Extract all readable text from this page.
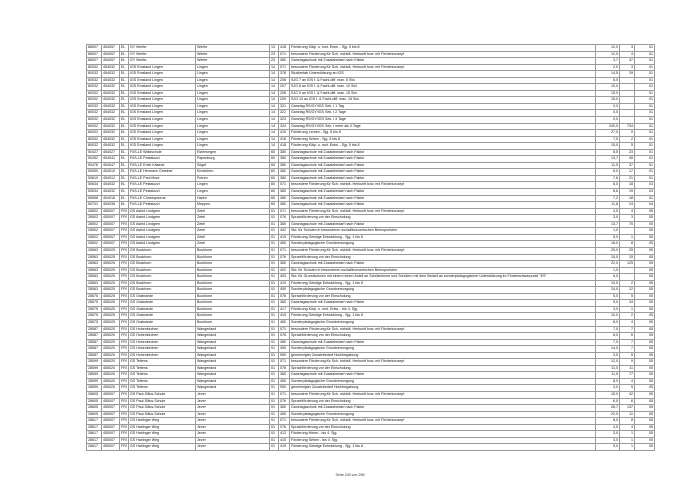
68007	454057	EL	GY Werlte	Werlte	13	418	Förderung Kläp. u. mot. Entw. - Sjg. 5 bis 8	12,0	3	01
68007	454057	EL	GY Werlte	Werlte	23	071	besondere Förderung für Sch. nichtdt. Herkunft bzw. mit Förderkonzept	12,0	4	01
68007	454057	EL	GY Werlte	Werlte	23	380	Ganztagsschule mit Zusatzbedarf nach Faktor	3,7	47	01
80032	454032	EL	IGS Emsland Lingen	Lingen	14	071	besondere Förderung für Sch. nichtdt. Herkunft bzw. mit Förderkonzept	2,0	3	01
80032	454032	EL	IGS Emsland Lingen	Lingen	14	378	Studientab Unterstützung an IGS	14,5	29	01
80032	454032	EL	IGS Emsland Lingen	Lingen	14	206	SJG 7 an IGS f. & Fachl-diff. max. 6 Std.	6,0		01
80032	454032	EL	IGS Emsland Lingen	Lingen	14	207	SJG 8 an IGS f. & Fachl-diff. max. 10 Std.	10,0		01
80032	454032	EL	IGS Emsland Lingen	Lingen	14	208	SJG 9 an IGS f. & Fachl-diff. max. 15 Std.	15,0		01
80032	454032	EL	IGS Emsland Lingen	Lingen	14	209	SJG 10 an IGS f. & Fachl-diff. max. 15 Std.	15,0		01
80032	454032	EL	IGS Emsland Lingen	Lingen	14	321	Ganztag RS/GY/IGS Sek. I 1 Tag	0,0		01
80032	454032	EL	IGS Emsland Lingen	Lingen	14	322	Ganztag RS/GY/IGS Sek. I 2 Tage	0,0		01
80032	454032	EL	IGS Emsland Lingen	Lingen	14	323	Ganztag RS/GY/IGS Sek. I 3 Tage	0,0		01
80032	454032	EL	IGS Emsland Lingen	Lingen	14	324	Ganztag RS/GY/IGS Sek. I mehr als 3 Tage	240,0	734	01
80032	454032	EL	IGS Emsland Lingen	Lingen	14	410	Förderung Lernen - Sjg. 5 bis 8	27,0	9	01
80032	454032	EL	IGS Emsland Lingen	Lingen	14	416	Förderung Sehen - Sjg. 5 bis 8	7,0	2	01
80032	454032	EL	IGS Emsland Lingen	Lingen	14	418	Förderung Kläp. u. mot. Entw. - Sjg. 5 bis 8	15,0	5	01
50427	454027	EL	FöS-LE Waldschule	Esterwegen	60	380	Ganztagsschule mit Zusatzbedarf nach Faktor	8,5	23	01
50452	454041	EL	FöS-LE Pestalozzi	Papenburg	60	380	Ganztagsschule mit Zusatzbedarf nach Faktor	13,7	45	01
50476	454047	EL	FöS-LE Erich Kästner	Sögel	60	380	Ganztagsschule mit Zusatzbedarf nach Faktor	11,5	37	01
50550	454010	EL	FöS-LE Hermann Gmeiner	Emsbüren	60	380	Ganztagsschule mit Zusatzbedarf nach Faktor	5,0	17	01
50610	454012	EL	FöS-LE Paul Moor	Freren	60	380	Ganztagsschule mit Zusatzbedarf nach Faktor	7,6	21	01
50634	454032	EL	FöS-LE Pestalozzi	Lingen	60	071	besondere Förderung für Sch. nichtdt. Herkunft bzw. mit Förderkonzept	6,0	18	03
50634	454032	EL	FöS-LE Pestalozzi	Lingen	60	380	Ganztagsschule mit Zusatzbedarf nach Faktor	8,6	19	03
50658	454018	EL	FöS-LE Christophorus	Haren	60	380	Ganztagsschule mit Zusatzbedarf nach Faktor	7,2	18	01
50701	454035	EL	FöS-LE Pestalozzi	Meppen	60	380	Ganztagsschule mit Zusatzbedarf nach Faktor	11,8	24	04
28502	455007	FRI	GS Astrid Lindgren	Zetel	01	071	besondere Förderung für Sch. nichtdt. Herkunft bzw. mit Förderkonzept	4,0	4	05
28502	455007	FRI	GS Astrid Lindgren	Zetel	01	076	Sprachförderung vor der Einschulung	3,0	3	05
28502	455007	FRI	GS Astrid Lindgren	Zetel	01	380	Ganztagsschule mit Zusatzbedarf nach Faktor	13,7	70	05
28502	455007	FRI	GS Astrid Lindgren	Zetel	01	402	Std. für Schulen in besonderen sozialökonomischen Brennpunkten	1,0		05
28502	455007	FRI	GS Astrid Lindgren	Zetel	01	419	Förderung Geistige Entwicklung - Sjg. 1 bis 8	5,0	1	05
28502	455007	FRI	GS Astrid Lindgren	Zetel	01	450	Sonderpädagogische Grundversorgung	16,0	8	05
28563	455025	FRI	GS Bockhorn	Bockhorn	01	071	besondere Förderung für Sch. nichtdt. Herkunft bzw. mit Förderkonzept	25,0	25	05
28563	455025	FRI	GS Bockhorn	Bockhorn	01	076	Sprachförderung vor der Einschulung	15,0	15	05
28563	455025	FRI	GS Bockhorn	Bockhorn	01	380	Ganztagsschule mit Zusatzbedarf nach Faktor	22,0	125	05
28563	455025	FRI	GS Bockhorn	Bockhorn	01	402	Std. für Schulen in besonderen sozialökonomischen Brennpunkten	1,0		05
28563	455025	FRI	GS Bockhorn	Bockhorn	01	403	Std. für Grundschulen mit einem hohen Anteil an Schülerinnen und Schülern mit dem Bedarf an sonderpädagogischer Unterstützung im Förderschwerpunkt "ES"	6,0		05
28563	455025	FRI	GS Bockhorn	Bockhorn	01	419	Förderung Geistige Entwicklung - Sjg. 1 bis 8	10,0	2	05
28563	455025	FRI	GS Bockhorn	Bockhorn	01	450	Sonderpädagogische Grundversorgung	24,0	12	05
28575	455025	FRI	GS Grabstede	Bockhorn	01	076	Sprachförderung vor der Einschulung	5,0	5	05
28575	455025	FRI	GS Grabstede	Bockhorn	01	380	Ganztagsschule mit Zusatzbedarf nach Faktor	5,0	34	05
28575	455025	FRI	GS Grabstede	Bockhorn	01	417	Förderung Körp. u. mot. Entw. - bis 4. Sjg.	3,0	1	05
28575	455025	FRI	GS Grabstede	Bockhorn	01	419	Förderung Geistige Entwicklung - Sjg. 1 bis 8	10,0	2	05
28575	455025	FRI	GS Grabstede	Bockhorn	01	450	Sonderpädagogische Grundversorgung	8,0	4	05
28587	455020	FRI	GS Hohenkirchen	Wangerland	01	071	besondere Förderung für Sch. nichtdt. Herkunft bzw. mit Förderkonzept	7,0	7	05
28587	455020	FRI	GS Hohenkirchen	Wangerland	01	076	Sprachförderung vor der Einschulung	6,0	6	05
28587	455020	FRI	GS Hohenkirchen	Wangerland	01	380	Ganztagsschule mit Zusatzbedarf nach Faktor	7,0	7	05
28587	455020	FRI	GS Hohenkirchen	Wangerland	01	450	Sonderpädagogische Grundversorgung	14,0	7	05
28587	455020	FRI	GS Hohenkirchen	Wangerland	01	950	genehmigter Zusatzbedarf Hochbegabung	3,0	5	05
28599	455020	FRI	GS Tettens	Wangerland	01	071	besondere Förderung für Sch. nichtdt. Herkunft bzw. mit Förderkonzept	12,0	9	05
28599	455020	FRI	GS Tettens	Wangerland	01	076	Sprachförderung vor der Einschulung	11,0	11	05
28599	455020	FRI	GS Tettens	Wangerland	01	380	Ganztagsschule mit Zusatzbedarf nach Faktor	11,9	77	05
28599	455020	FRI	GS Tettens	Wangerland	01	450	Sonderpädagogische Grundversorgung	8,0	4	05
28599	455020	FRI	GS Tettens	Wangerland	01	950	genehmigter Zusatzbedarf Hochbegabung	3,0	5	05
28605	455007	FRI	GS Paul-Sillus-Schule	Jever	01	071	besondere Förderung für Sch. nichtdt. Herkunft bzw. mit Förderkonzept	15,0	42	05
28605	455007	FRI	GS Paul-Sillus-Schule	Jever	01	076	Sprachförderung vor der Einschulung	6,0	6	05
28605	455007	FRI	GS Paul-Sillus-Schule	Jever	01	380	Ganztagsschule mit Zusatzbedarf nach Faktor	26,7	137	05
28605	455007	FRI	GS Paul-Sillus-Schule	Jever	01	450	Sonderpädagogische Grundversorgung	22,0	11	05
28617	455007	FRI	GS Harlinger Weg	Jever	01	071	besondere Förderung für Sch. nichtdt. Herkunft bzw. mit Förderkonzept	8,0	8	05
28617	455007	FRI	GS Harlinger Weg	Jever	01	076	Sprachförderung vor der Einschulung	4,0	4	05
28617	455007	FRI	GS Harlinger Weg	Jever	01	413	Förderung Hören - bis 4. Sjg.	3,0	1	05
28617	455007	FRI	GS Harlinger Weg	Jever	01	415	Förderung Sehen - bis 4. Sjg.	3,0	1	05
28617	455007	FRI	GS Harlinger Weg	Jever	01	419	Förderung Geistige Entwicklung - Sjg. 1 bis 8	5,0	1	05
Seite 243 von 296
